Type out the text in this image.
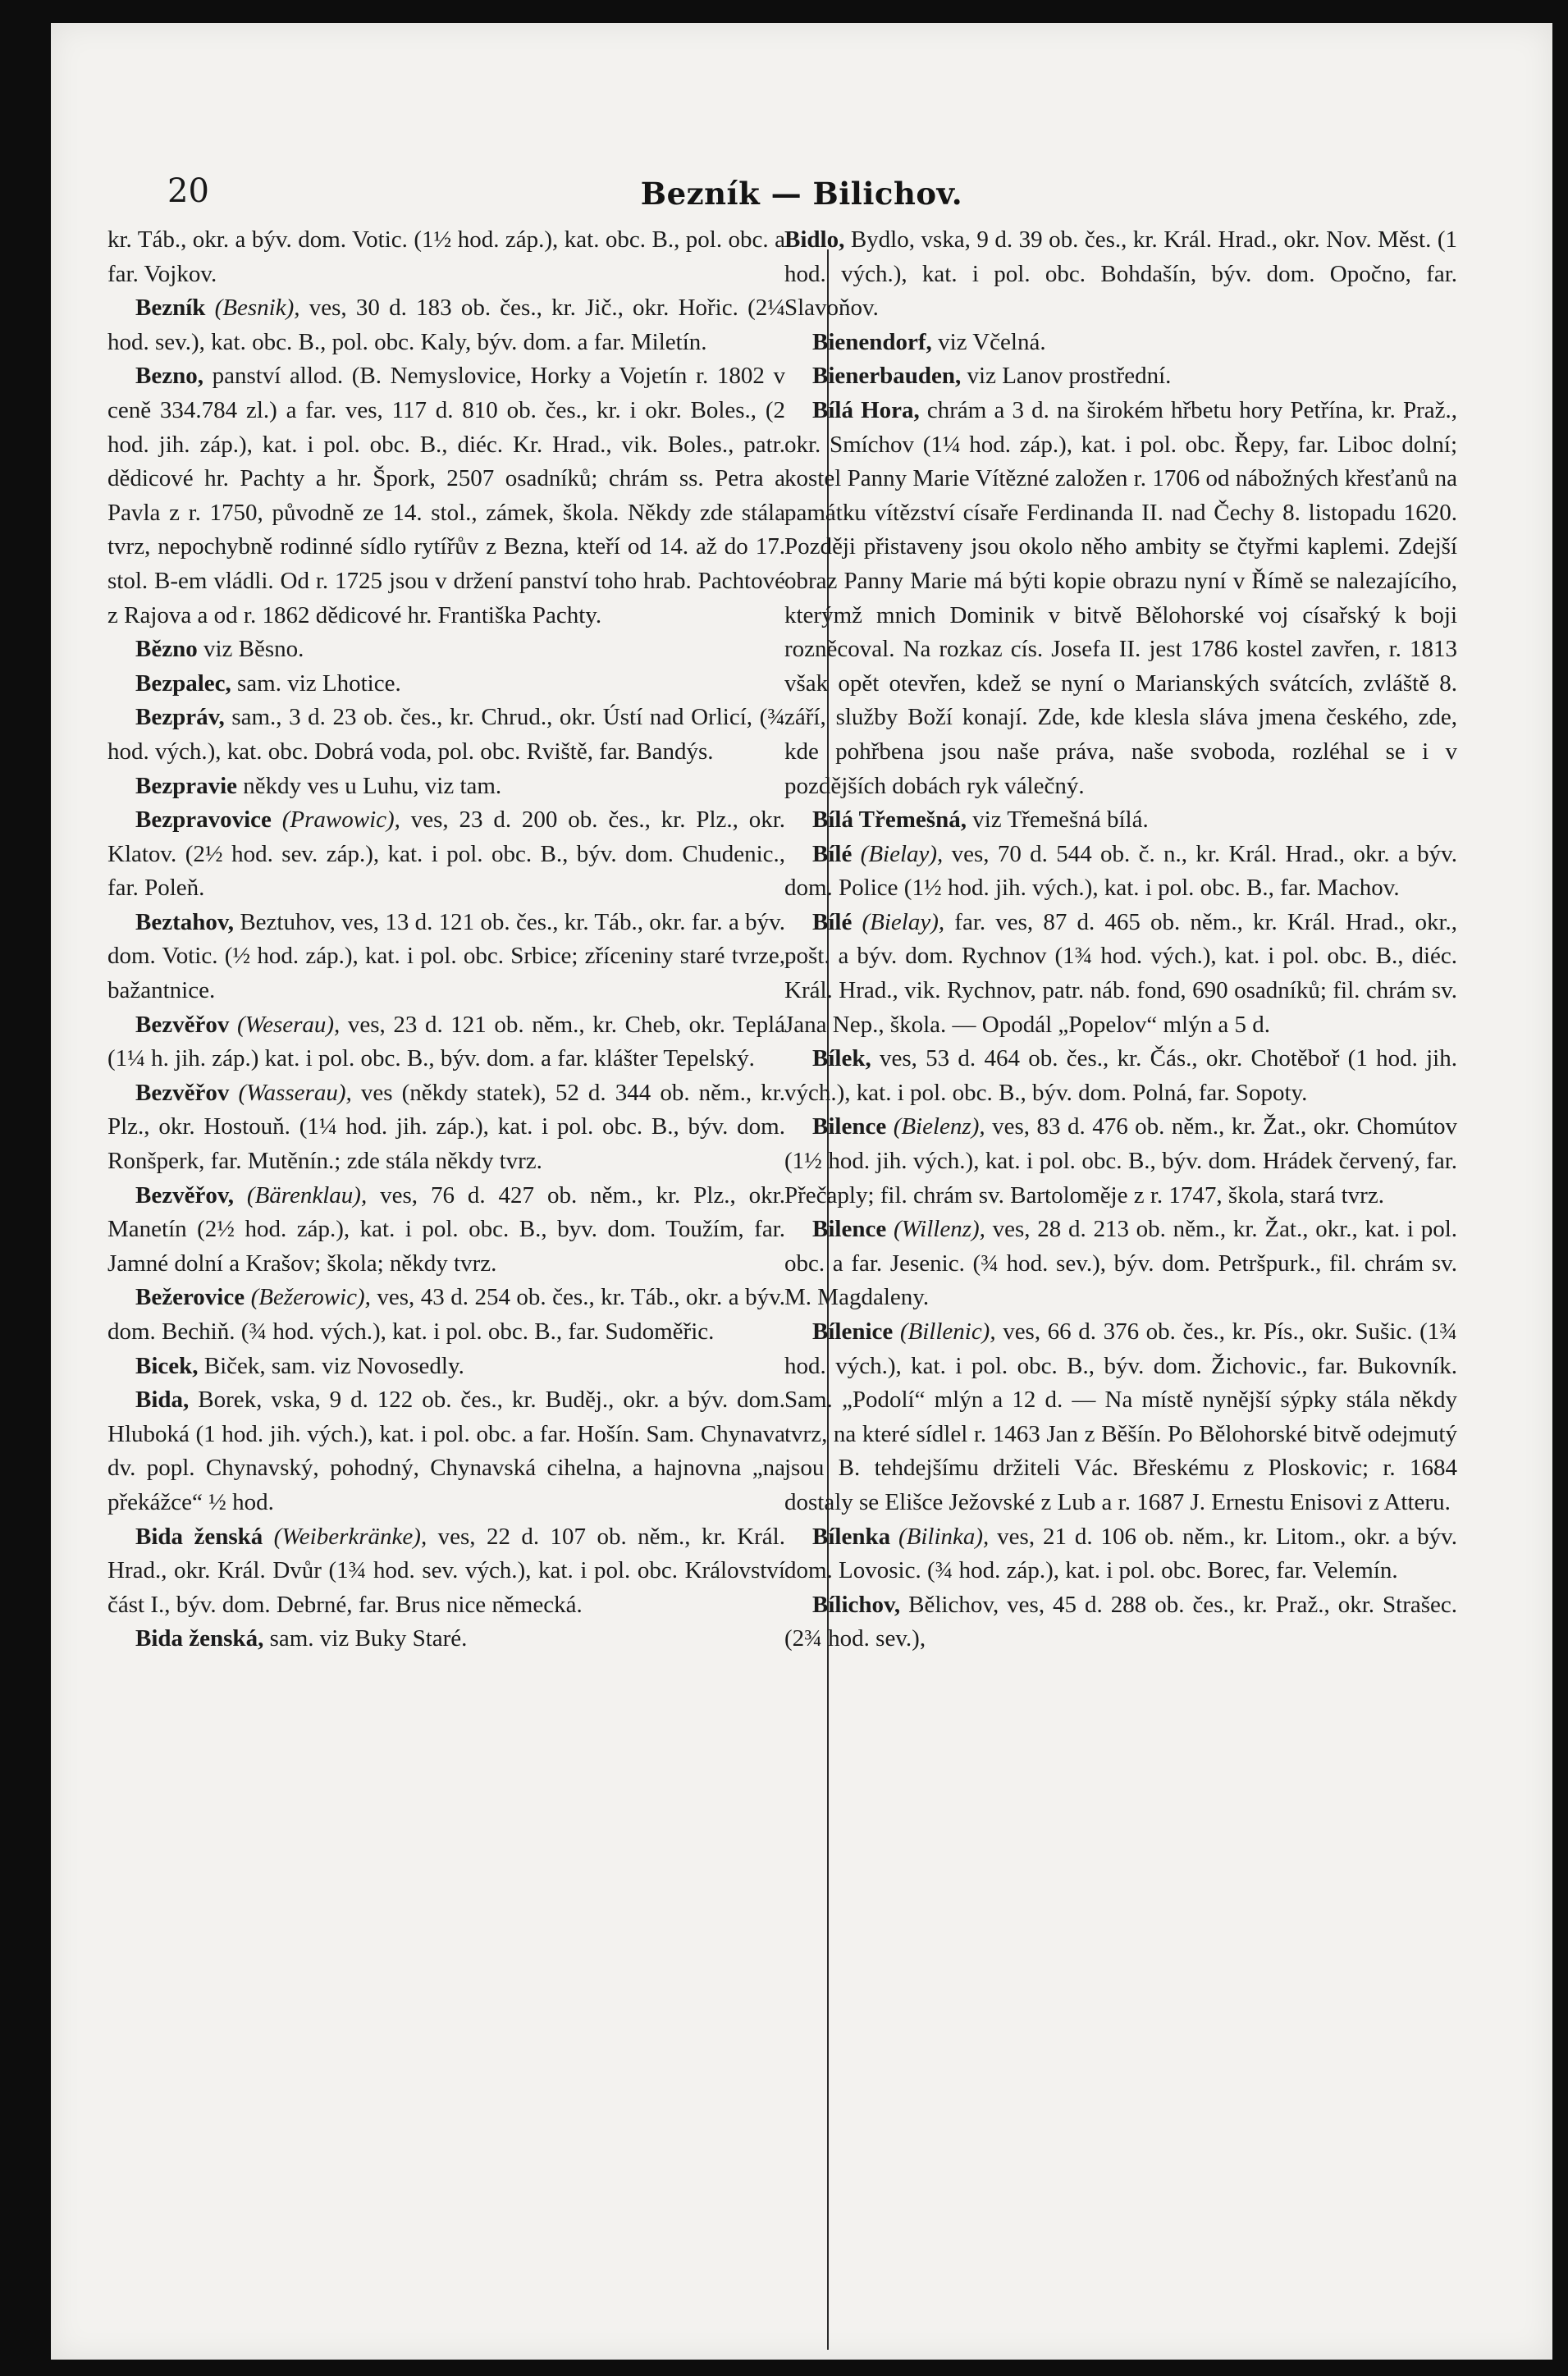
20	Bezník — Bilichov.

kr. Táb., okr. a býv. dom. Votic. (1½ hod. záp.), kat. obc. B., pol. obc. a far. Vojkov.

Bezník (Besnik), ves, 30 d. 183 ob. čes., kr. Jič., okr. Hořic. (2¼ hod. sev.), kat. obc. B., pol. obc. Kaly, býv. dom. a far. Miletín.

Bezno, panství allod. (B. Nemyslovice, Horky a Vojetín r. 1802 v ceně 334.784 zl.) a far. ves, 117 d. 810 ob. čes., kr. i okr. Boles., (2 hod. jih. záp.), kat. i pol. obc. B., diéc. Kr. Hrad., vik. Boles., patr. dědicové hr. Pachty a hr. Špork, 2507 osadníků; chrám ss. Petra a Pavla z r. 1750, původně ze 14. stol., zámek, škola. Někdy zde stála tvrz, nepochybně rodinné sídlo rytířův z Bezna, kteří od 14. až do 17. stol. B-em vládli. Od r. 1725 jsou v držení panství toho hrab. Pachtové z Rajova a od r. 1862 dědicové hr. Františka Pachty.

Bězno viz Běsno.

Bezpalec, sam. viz Lhotice.

Bezpráv, sam., 3 d. 23 ob. čes., kr. Chrud., okr. Ústí nad Orlicí, (¾ hod. vých.), kat. obc. Dobrá voda, pol. obc. Rviště, far. Bandýs.

Bezpravie někdy ves u Luhu, viz tam.

Bezpravovice (Prawowic), ves, 23 d. 200 ob. čes., kr. Plz., okr. Klatov. (2½ hod. sev. záp.), kat. i pol. obc. B., býv. dom. Chudenic., far. Poleň.

Beztahov, Beztuhov, ves, 13 d. 121 ob. čes., kr. Táb., okr. far. a býv. dom. Votic. (½ hod. záp.), kat. i pol. obc. Srbice; zříceniny staré tvrze, bažantnice.

Bezvěřov (Weserau), ves, 23 d. 121 ob. něm., kr. Cheb, okr. Teplá (1¼ h. jih. záp.) kat. i pol. obc. B., býv. dom. a far. klášter Tepelský.

Bezvěřov (Wasserau), ves (někdy statek), 52 d. 344 ob. něm., kr. Plz., okr. Hostouň. (1¼ hod. jih. záp.), kat. i pol. obc. B., býv. dom. Ronšperk, far. Mutěnín.; zde stála někdy tvrz.

Bezvěřov, (Bärenklau), ves, 76 d. 427 ob. něm., kr. Plz., okr. Manetín (2½ hod. záp.), kat. i pol. obc. B., byv. dom. Toužím, far. Jamné dolní a Krašov; škola; někdy tvrz.

Bežerovice (Bežerowic), ves, 43 d. 254 ob. čes., kr. Táb., okr. a býv. dom. Bechiň. (¾ hod. vých.), kat. i pol. obc. B., far. Sudoměřic.

Bicek, Biček, sam. viz Novosedly.

Bida, Borek, vska, 9 d. 122 ob. čes., kr. Buděj., okr. a býv. dom. Hluboká (1 hod. jih. vých.), kat. i pol. obc. a far. Hošín. Sam. Chynava dv. popl. Chynavský, pohodný, Chynavská cihelna, a hajnovna „na překážce“ ½ hod.

Bida ženská (Weiberkränke), ves, 22 d. 107 ob. něm., kr. Král. Hrad., okr. Král. Dvůr (1¾ hod. sev. vých.), kat. i pol. obc. Království část I., býv. dom. Debrné, far. Brus nice německá.

Bida ženská, sam. viz Buky Staré.

Bidlo, Bydlo, vska, 9 d. 39 ob. čes., kr. Král. Hrad., okr. Nov. Měst. (1 hod. vých.), kat. i pol. obc. Bohdašín, býv. dom. Opočno, far. Slavoňov.

Bienendorf, viz Včelná.

Bienerbauden, viz Lanov prostřední.

Bílá Hora, chrám a 3 d. na širokém hřbetu hory Petřína, kr. Praž., okr. Smíchov (1¼ hod. záp.), kat. i pol. obc. Řepy, far. Liboc dolní; kostel Panny Marie Vítězné založen r. 1706 od nábožných křesťanů na památku vítězství císaře Ferdinanda II. nad Čechy 8. listopadu 1620. Později přistaveny jsou okolo něho ambity se čtyřmi kaplemi. Zdejší obraz Panny Marie má býti kopie obrazu nyní v Římě se nalezajícího, kterýmž mnich Dominik v bitvě Bělohorské voj císařský k boji rozněcoval. Na rozkaz cís. Josefa II. jest 1786 kostel zavřen, r. 1813 však opět otevřen, kdež se nyní o Marianských svátcích, zvláště 8. září, služby Boží konají. Zde, kde klesla sláva jmena českého, zde, kde pohřbena jsou naše práva, naše svoboda, rozléhal se i v pozdějších dobách ryk válečný.

Bílá Třemešná, viz Třemešná bílá.

Bílé (Bielay), ves, 70 d. 544 ob. č. n., kr. Král. Hrad., okr. a býv. dom. Police (1½ hod. jih. vých.), kat. i pol. obc. B., far. Machov.

Bílé (Bielay), far. ves, 87 d. 465 ob. něm., kr. Král. Hrad., okr., pošt. a býv. dom. Rychnov (1¾ hod. vých.), kat. i pol. obc. B., diéc. Král. Hrad., vik. Rychnov, patr. náb. fond, 690 osadníků; fil. chrám sv. Jana Nep., škola. — Opodál „Popelov“ mlýn a 5 d.

Bílek, ves, 53 d. 464 ob. čes., kr. Čás., okr. Chotěboř (1 hod. jih. vých.), kat. i pol. obc. B., býv. dom. Polná, far. Sopoty.

Bilence (Bielenz), ves, 83 d. 476 ob. něm., kr. Žat., okr. Chomútov (1½ hod. jih. vých.), kat. i pol. obc. B., býv. dom. Hrádek červený, far. Přečaply; fil. chrám sv. Bartoloměje z r. 1747, škola, stará tvrz.

Bilence (Willenz), ves, 28 d. 213 ob. něm., kr. Žat., okr., kat. i pol. obc. a far. Jesenic. (¾ hod. sev.), býv. dom. Petršpurk., fil. chrám sv. M. Magdaleny.

Bílenice (Billenic), ves, 66 d. 376 ob. čes., kr. Pís., okr. Sušic. (1¾ hod. vých.), kat. i pol. obc. B., býv. dom. Žichovic., far. Bukovník. Sam. „Podolí“ mlýn a 12 d. — Na místě nynější sýpky stála někdy tvrz, na které sídlel r. 1463 Jan z Běšín. Po Bělohorské bitvě odejmutý jsou B. tehdejšímu držiteli Vác. Břeskému z Ploskovic; r. 1684 dostaly se Elišce Ježovské z Lub a r. 1687 J. Ernestu Enisovi z Atteru.

Bílenka (Bilinka), ves, 21 d. 106 ob. něm., kr. Litom., okr. a býv. dom. Lovosic. (¾ hod. záp.), kat. i pol. obc. Borec, far. Velemín.

Bílichov, Bělichov, ves, 45 d. 288 ob. čes., kr. Praž., okr. Strašec. (2¾ hod. sev.),
